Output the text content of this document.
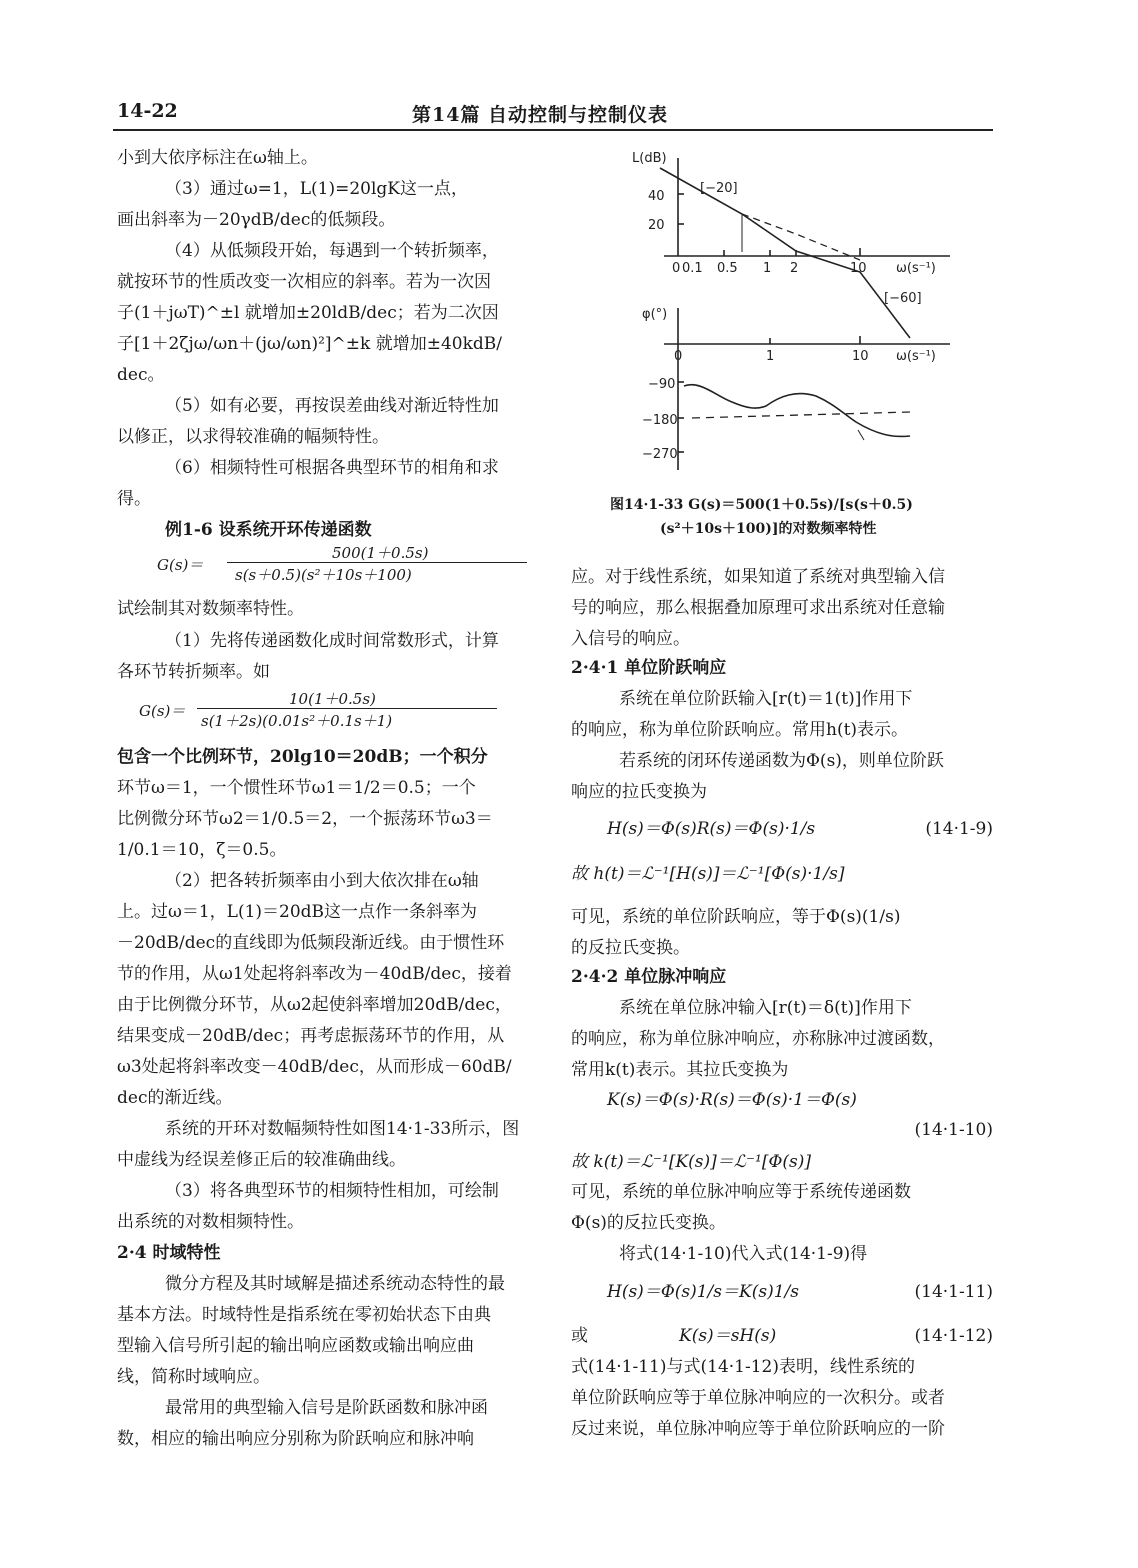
14-22	第14篇 自动控制与控制仪表
小到大依序标注在ω轴上。
（3）通过ω=1，L(1)=20lgK这一点，
画出斜率为－20γdB/dec的低频段。
（4）从低频段开始，每遇到一个转折频率，
就按环节的性质改变一次相应的斜率。若为一次因
子(1＋jωT)^±l 就增加±20ldB/dec；若为二次因
子[1＋2ζjω/ωn＋(jω/ωn)²]^±k 就增加±40kdB/
dec。
（5）如有必要，再按误差曲线对渐近特性加
以修正，以求得较准确的幅频特性。
（6）相频特性可根据各典型环节的相角和求
得。
例1-6 设系统开环传递函数
G(s)＝
500(1＋0.5s)
s(s＋0.5)(s²＋10s＋100)
试绘制其对数频率特性。
（1）先将传递函数化成时间常数形式，计算
各环节转折频率。如
G(s)＝
10(1＋0.5s)
s(1＋2s)(0.01s²＋0.1s＋1)
包含一个比例环节，20lg10＝20dB；一个积分
环节ω＝1，一个惯性环节ω1＝1/2＝0.5；一个
比例微分环节ω2＝1/0.5＝2，一个振荡环节ω3＝
1/0.1＝10，ζ＝0.5。
（2）把各转折频率由小到大依次排在ω轴
上。过ω＝1，L(1)＝20dB这一点作一条斜率为
－20dB/dec的直线即为低频段渐近线。由于惯性环
节的作用，从ω1处起将斜率改为－40dB/dec，接着
由于比例微分环节，从ω2起使斜率增加20dB/dec，
结果变成－20dB/dec；再考虑振荡环节的作用，从
ω3处起将斜率改变－40dB/dec，从而形成－60dB/
dec的渐近线。
系统的开环对数幅频特性如图14·1-33所示，图
中虚线为经误差修正后的较准确曲线。
（3）将各典型环节的相频特性相加，可绘制
出系统的对数相频特性。
2·4 时域特性
微分方程及其时域解是描述系统动态特性的最
基本方法。时域特性是指系统在零初始状态下由典
型输入信号所引起的输出响应函数或输出响应曲
线，简称时域响应。
最常用的典型输入信号是阶跃函数和脉冲函
数，相应的输出响应分别称为阶跃响应和脉冲响
L(dB)
40
20
0 0.1 0.5 1 2	10 ω(s⁻¹)
[−20]
[−60]
φ(°)
0	1	10 ω(s⁻¹)
−90
−180
−270
图14·1-33 G(s)＝500(1＋0.5s)/[s(s＋0.5)
(s²＋10s＋100)]的对数频率特性
应。对于线性系统，如果知道了系统对典型输入信
号的响应，那么根据叠加原理可求出系统对任意输
入信号的响应。
2·4·1 单位阶跃响应
系统在单位阶跃输入[r(t)＝1(t)]作用下
的响应，称为单位阶跃响应。常用h(t)表示。
若系统的闭环传递函数为Φ(s)，则单位阶跃
响应的拉氏变换为
H(s)＝Φ(s)R(s)＝Φ(s)·1/s	(14·1-9)
故 h(t)＝ℒ⁻¹[H(s)]＝ℒ⁻¹[Φ(s)·1/s]
可见，系统的单位阶跃响应，等于Φ(s)(1/s)
的反拉氏变换。
2·4·2 单位脉冲响应
系统在单位脉冲输入[r(t)＝δ(t)]作用下
的响应，称为单位脉冲响应，亦称脉冲过渡函数，
常用k(t)表示。其拉氏变换为
K(s)＝Φ(s)·R(s)＝Φ(s)·1＝Φ(s)
(14·1-10)
故 k(t)＝ℒ⁻¹[K(s)]＝ℒ⁻¹[Φ(s)]
可见，系统的单位脉冲响应等于系统传递函数
Φ(s)的反拉氏变换。
将式(14·1-10)代入式(14·1-9)得
H(s)＝Φ(s)1/s＝K(s)1/s	(14·1-11)
或	K(s)＝sH(s)	(14·1-12)
式(14·1-11)与式(14·1-12)表明，线性系统的
单位阶跃响应等于单位脉冲响应的一次积分。或者
反过来说，单位脉冲响应等于单位阶跃响应的一阶
